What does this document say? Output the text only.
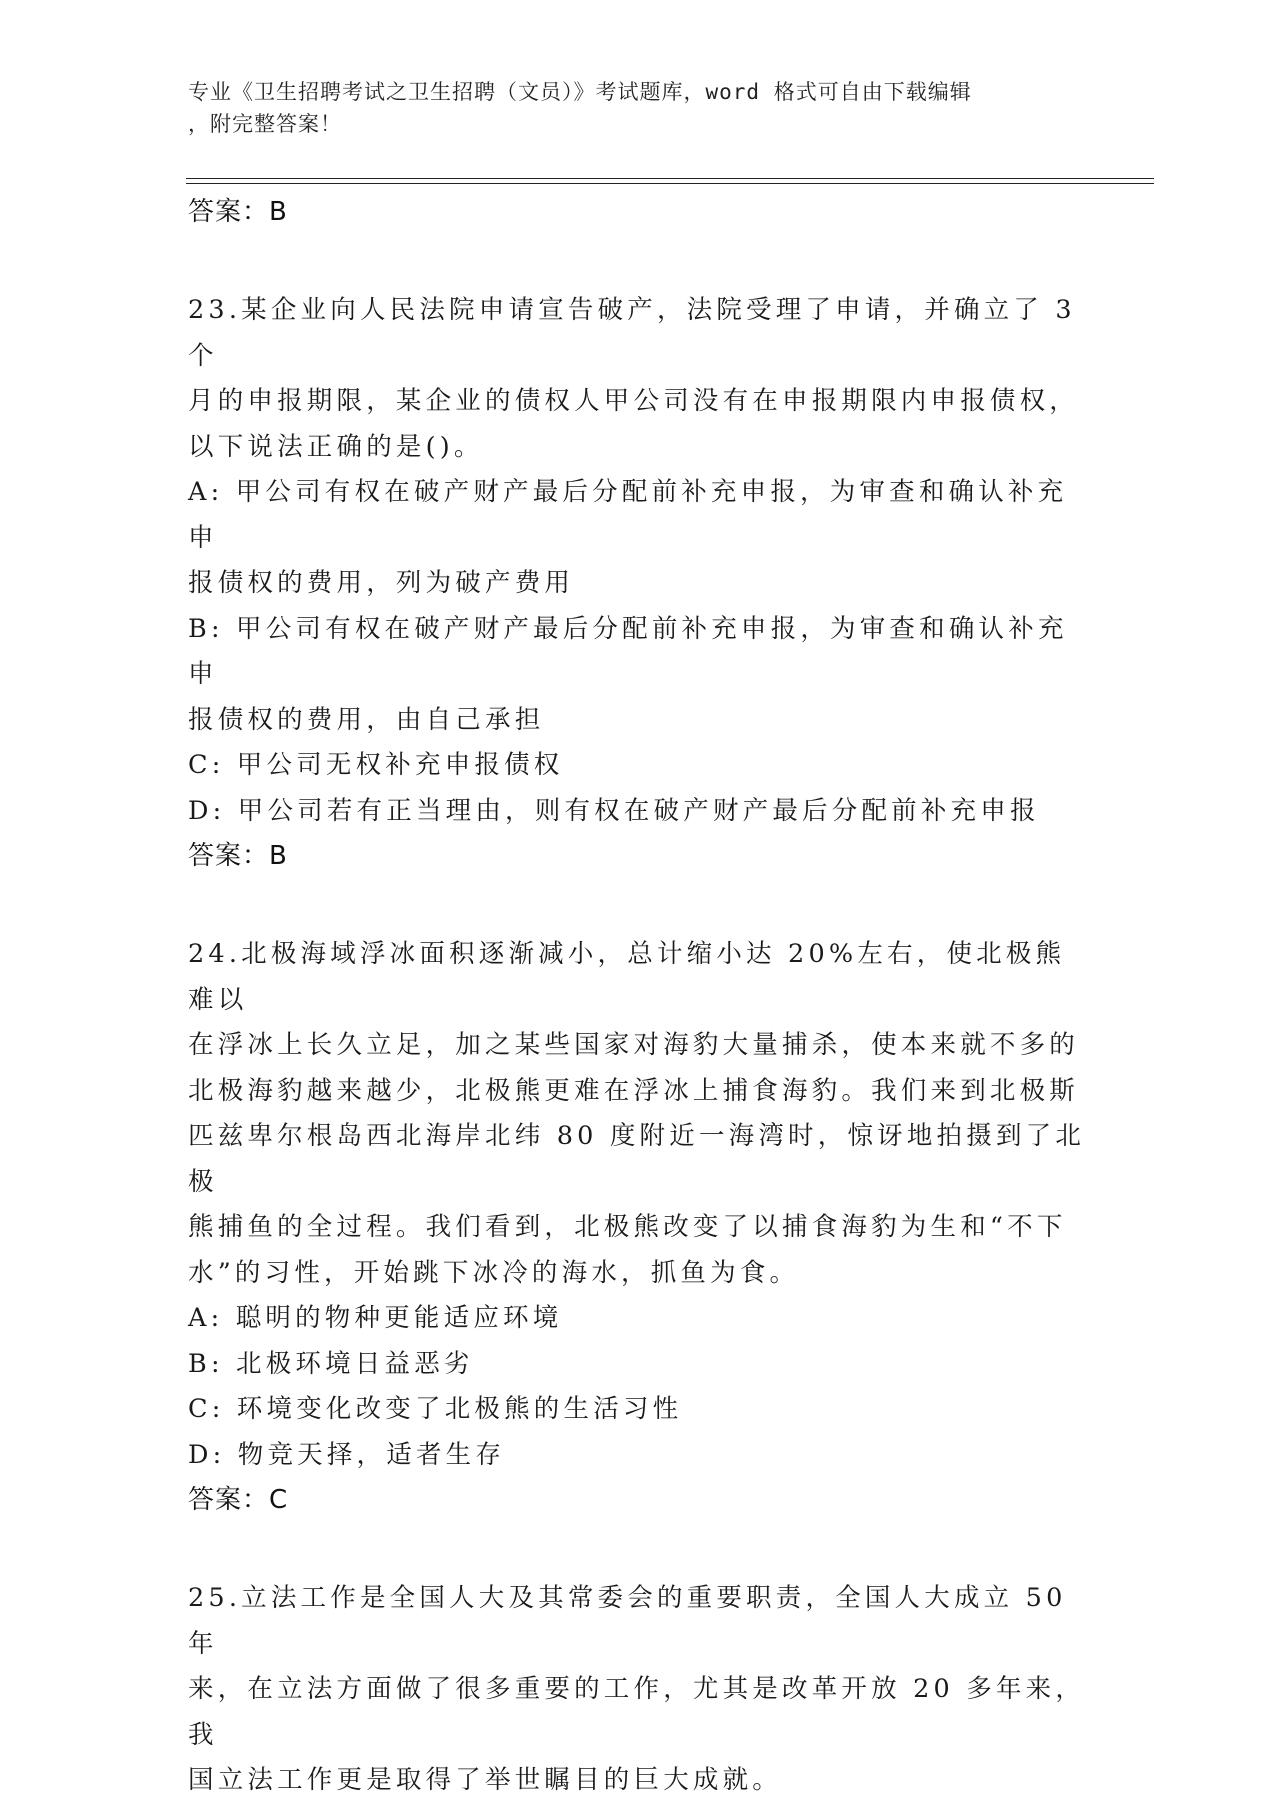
专业《卫生招聘考试之卫生招聘（文员）》考试题库，word 格式可自由下载编辑
，附完整答案！
答案：B

23.某企业向人民法院申请宣告破产，法院受理了申请，并确立了 3 个
月的申报期限，某企业的债权人甲公司没有在申报期限内申报债权，
以下说法正确的是()。

A: 甲公司有权在破产财产最后分配前补充申报，为审查和确认补充申
报债权的费用，列为破产费用
B: 甲公司有权在破产财产最后分配前补充申报，为审查和确认补充申
报债权的费用，由自己承担
C: 甲公司无权补充申报债权
D: 甲公司若有正当理由，则有权在破产财产最后分配前补充申报
答案：B

24.北极海域浮冰面积逐渐减小，总计缩小达 20%左右，使北极熊难以
在浮冰上长久立足，加之某些国家对海豹大量捕杀，使本来就不多的
北极海豹越来越少，北极熊更难在浮冰上捕食海豹。我们来到北极斯
匹兹卑尔根岛西北海岸北纬 80 度附近一海湾时，惊讶地拍摄到了北极
熊捕鱼的全过程。我们看到，北极熊改变了以捕食海豹为生和“不下
水”的习性，开始跳下冰冷的海水，抓鱼为食。

A: 聪明的物种更能适应环境
B: 北极环境日益恶劣
C: 环境变化改变了北极熊的生活习性
D: 物竞天择，适者生存
答案：C

25.立法工作是全国人大及其常委会的重要职责，全国人大成立 50 年
来，在立法方面做了很多重要的工作，尤其是改革开放 20 多年来，我
国立法工作更是取得了举世瞩目的巨大成就。
